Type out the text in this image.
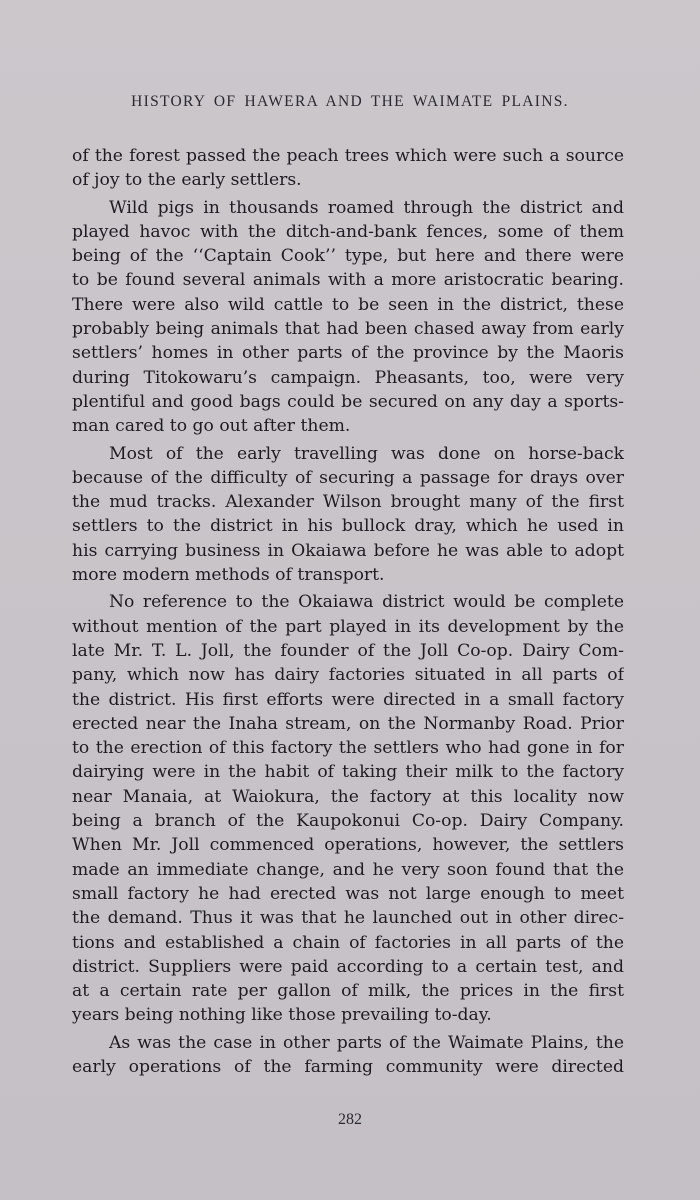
HISTORY OF HAWERA AND THE WAIMATE PLAINS.
of the forest passed the peach trees which were such a source
of joy to the early settlers.
Wild pigs in thousands roamed through the district and
played havoc with the ditch-and-bank fences, some of them
being of the ‘‘Captain Cook’’ type, but here and there were
to be found several animals with a more aristocratic bearing.
There were also wild cattle to be seen in the district, these
probably being animals that had been chased away from early
settlers’ homes in other parts of the province by the Maoris
during Titokowaru’s campaign. Pheasants, too, were very
plentiful and good bags could be secured on any day a sports-
man cared to go out after them.
Most of the early travelling was done on horse-back
because of the difficulty of securing a passage for drays over
the mud tracks. Alexander Wilson brought many of the first
settlers to the district in his bullock dray, which he used in
his carrying business in Okaiawa before he was able to adopt
more modern methods of transport.
No reference to the Okaiawa district would be complete
without mention of the part played in its development by the
late Mr. T. L. Joll, the founder of the Joll Co-op. Dairy Com-
pany, which now has dairy factories situated in all parts of
the district. His first efforts were directed in a small factory
erected near the Inaha stream, on the Normanby Road. Prior
to the erection of this factory the settlers who had gone in for
dairying were in the habit of taking their milk to the factory
near Manaia, at Waiokura, the factory at this locality now
being a branch of the Kaupokonui Co-op. Dairy Company.
When Mr. Joll commenced operations, however, the settlers
made an immediate change, and he very soon found that the
small factory he had erected was not large enough to meet
the demand. Thus it was that he launched out in other direc-
tions and established a chain of factories in all parts of the
district. Suppliers were paid according to a certain test, and
at a certain rate per gallon of milk, the prices in the first
years being nothing like those prevailing to-day.
As was the case in other parts of the Waimate Plains, the
early operations of the farming community were directed
282
